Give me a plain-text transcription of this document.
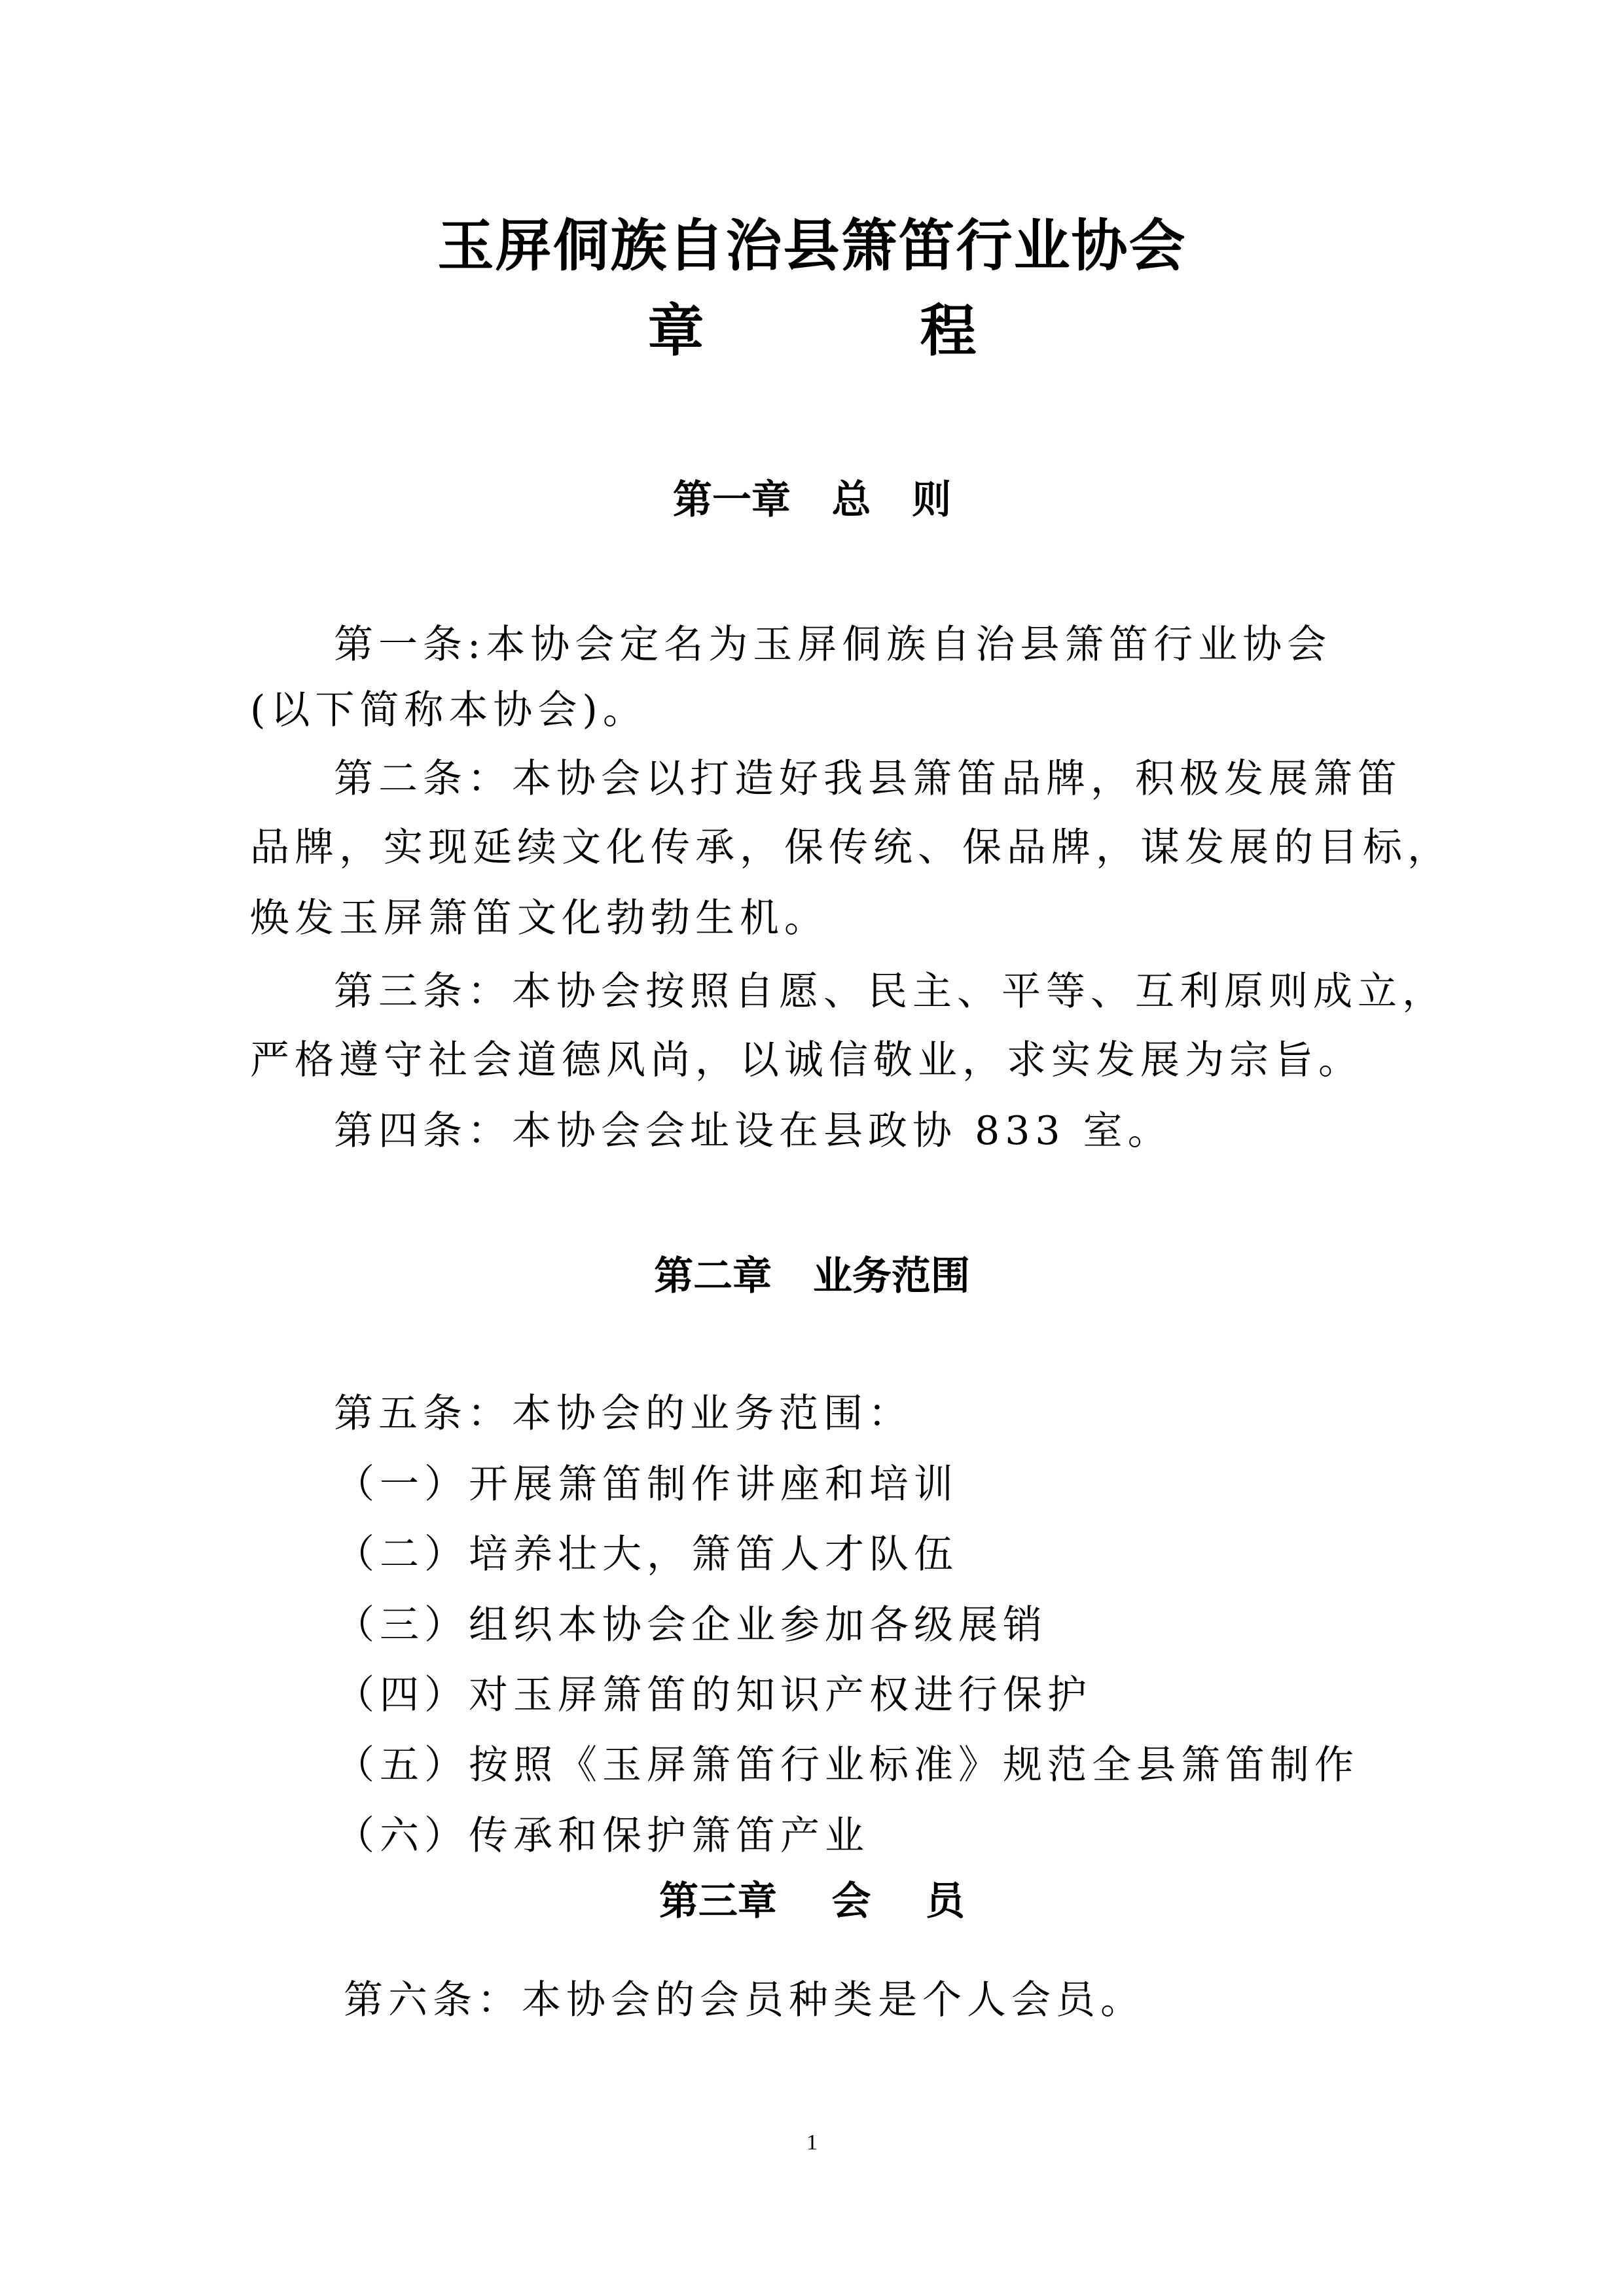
玉屏侗族自治县箫笛行业协会
章 程
第一章   总   则
第一条:本协会定名为玉屏侗族自治县箫笛行业协会
(以下简称本协会)。
第二条：本协会以打造好我县箫笛品牌，积极发展箫笛
品牌，实现延续文化传承，保传统、保品牌，谋发展的目标，
焕发玉屏箫笛文化勃勃生机。
第三条：本协会按照自愿、民主、平等、互利原则成立，
严格遵守社会道德风尚，以诚信敬业，求实发展为宗旨。
第四条：本协会会址设在县政协 833 室。
第二章   业务范围
第五条：本协会的业务范围：
（一）开展箫笛制作讲座和培训
（二）培养壮大，箫笛人才队伍
（三）组织本协会企业参加各级展销
（四）对玉屏箫笛的知识产权进行保护
（五）按照《玉屏箫笛行业标准》规范全县箫笛制作
（六）传承和保护箫笛产业
第三章    会    员
第六条：本协会的会员种类是个人会员。
1
